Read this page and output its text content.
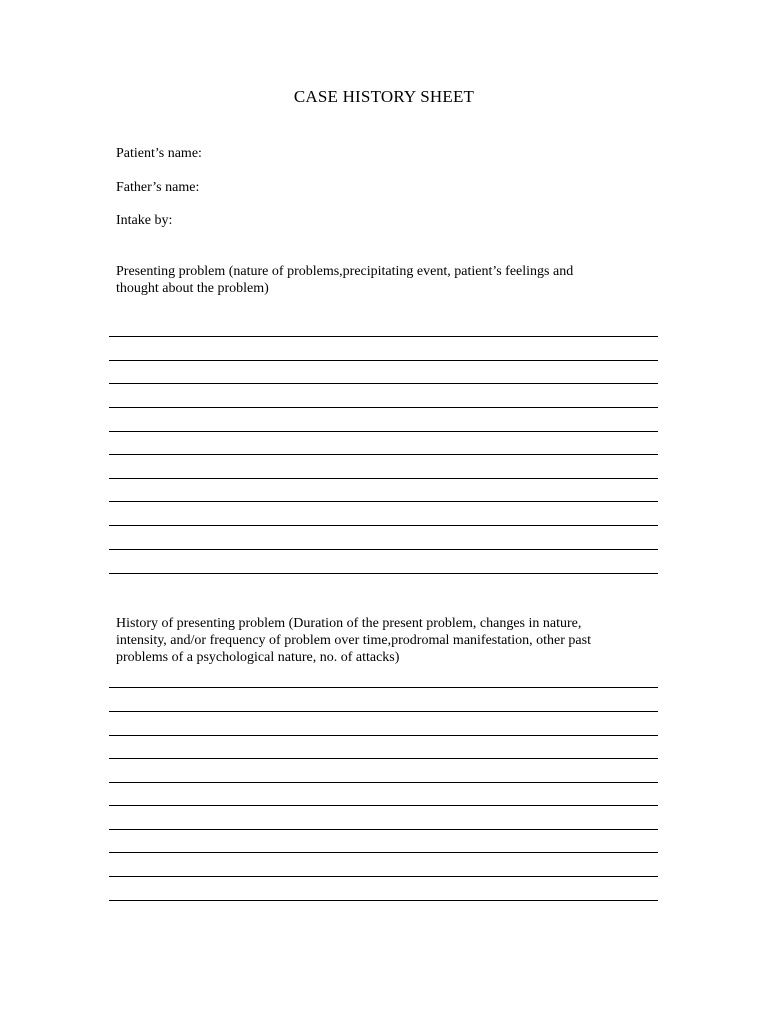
CASE HISTORY SHEET
Patient’s name:
Father’s name:
Intake by:
Presenting problem (nature of problems,precipitating event, patient’s feelings and
thought about the problem)
History of presenting problem (Duration of the present problem, changes in nature,
intensity, and/or frequency of problem over time,prodromal manifestation, other past
problems of a psychological nature, no. of attacks)
